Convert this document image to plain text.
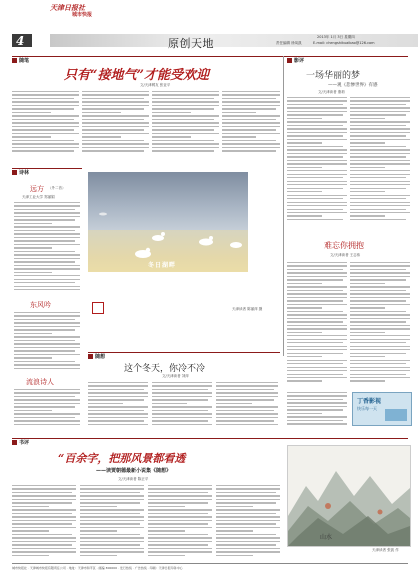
天津日报社
城市快报
4	原创天地	2013年 1月 3日 星期四
责任编辑 徐凤凯	E-mail: chengshikuaibao@126.com
随笔
只有“接地气”才能受欢迎
文/天津网友 张亚平
影评
一场华丽的梦
——观《悲惨世界》有感
文/天津读者 康莉
诗林
远方 （外二首）
天津工业大学 郑丽娟
东风吟
流浪诗人
冬日湖畔
天津读者 陈丽萍 摄
难忘你拥抱
文/天津读者 王志伟
丁香影视
快乐每一天
随想
这个冬天，你冷不冷
文/天津读者 刘萍
书评
“百余字，把那风景都看透
——读贾朝德最新小说集《随想》
文/天津读者 陈正平
山水
天津读者 张凯 作
城市快报社 · 天津城市快报有限责任公司 · 地址：天津市和平区 · 邮编 300000 · 发行热线 · 广告热线 · 印刷：天津日报印务中心
